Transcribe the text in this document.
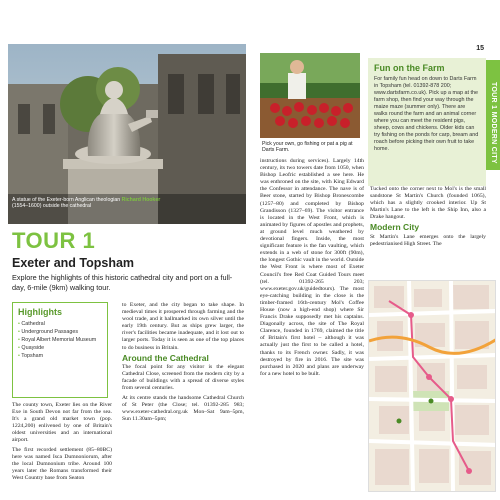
A statue of the Exeter-born Anglican theologian Richard Hooker (1554–1600) outside the cathedral
TOUR 1
Exeter and Topsham
Explore the highlights of this historic cathedral city and port on a full-day, 6-mile (9km) walking tour.
Highlights
• Cathedral
• Underground Passages
• Royal Albert Memorial Museum
• Quayside
• Topsham

The county town, Exeter lies on the River Exe in South Devon not far from the sea. It's a grand old market town (pop. 1224,200) enlivened by one of Britain's oldest universities and an international airport.

The first recorded settlement (85–80BC) here was named Isca Dumnoniorum, after the local Dumnonium tribe. Around 100 years later the Romans transformed their West Country base from Seaton

to Exeter, and the city began to take shape. In medieval times it prospered through farming and the wool trade, and it hallmarked its own silver until the early 19th century. But as ships grew larger, the river's facilities became inadequate, and it lost out to larger ports. Today it is seen as one of the top places to do business in Britain.

Around the Cathedral

The focal point for any visitor is the elegant Cathedral Close, screened from the modern city by a facade of buildings with a spread of diverse styles from several centuries.

At its centre stands the handsome Cathedral Church of St Peter (the Close; tel. 01392-285 983; www.exeter-cathedral.org.uk Mon–Sat 9am–5pm, Sun 11.30am–5pm;

15
TOUR 1 MODERN CITY
Pick your own, go fishing or pat a pig at Darts Farm.
Fun on the Farm
For family fun head on down to Darts Farm in Topsham (tel. 01392-878 200; www.dartsfarm.co.uk). Pick up a map at the farm shop, then find your way through the maize maze (summer only). There are walks round the farm and an animal corner where you can meet the resident pigs, sheep, cows and chickens. Older kids can try fishing on the ponds for carp, bream and roach before picking their own fruit to take home.

instructions during services). Largely 14th century, its two towers date from 1050, when Bishop Leofric established a see here. He was enthroned on the site, with King Edward the Confessor in attendance. The nave is of Beer stone, started by Bishop Bronescombe (1257–80) and completed by Bishop Grandisson (1327–69). The visitor entrance is located in the West Front, which is animated by figures of apostles and prophets, at ground level much weathered by devotional fingers. Inside, the most significant feature is the fan vaulting, which extends in a web of stone for 300ft (90m), the longest Gothic vault in the world. Outside the West Front is where most of Exeter Council's free Red Coat Guided Tours meet (tel. 01392-265 203; www.exeter.gov.uk/guidedtours). The most eye-catching building in the close is the timber-framed 16th-century Mol's Coffee House (now a high-end shop) where Sir Francis Drake supposedly met his captains. Diagonally across, the site of The Royal Clarence, founded in 1769, claimed the title of Britain's first hotel – although it was actually just the first to be called a hotel, thanks to its French owner. Sadly, it was destroyed by fire in 2016. The site was purchased in 2020 and plans are underway for a new hotel to be built.

Tucked onto the corner next to Mol's is the small sandstone St Martin's Church (founded 1065), which has a slightly crooked interior. Up St Martin's Lane to the left is the Ship Inn, also a Drake hangout.

Modern City

St Martin's Lane emerges onto the largely pedestrianised High Street. The
